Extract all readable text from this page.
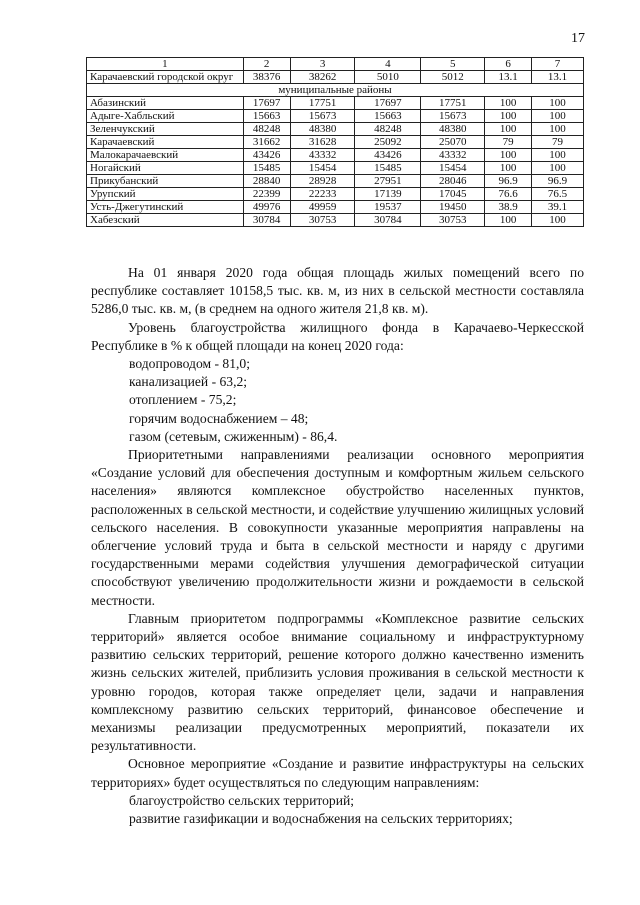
17
1	2	3	4	5	6	7
Карачаевский городской округ	38376	38262	5010	5012	13.1	13.1
муниципальные районы						
Абазинский	17697	17751	17697	17751	100	100
Адыге-Хабльский	15663	15673	15663	15673	100	100
Зеленчукский	48248	48380	48248	48380	100	100
Карачаевский	31662	31628	25092	25070	79	79
Малокарачаевский	43426	43332	43426	43332	100	100
Ногайский	15485	15454	15485	15454	100	100
Прикубанский	28840	28928	27951	28046	96.9	96.9
Урупский	22399	22233	17139	17045	76.6	76.5
Усть-Джегутинский	49976	49959	19537	19450	38.9	39.1
Хабезский	30784	30753	30784	30753	100	100

На 01 января 2020 года общая площадь жилых помещений всего по республике составляет 10158,5 тыс. кв. м, из них в сельской местности составляла 5286,0 тыс. кв. м, (в среднем на одного жителя 21,8 кв. м).

Уровень благоустройства жилищного фонда в Карачаево-Черкесской Республике в % к общей площади на конец 2020 года:

водопроводом - 81,0;

канализацией - 63,2;

отоплением - 75,2;

горячим водоснабжением – 48;

газом (сетевым, сжиженным) - 86,4.

Приоритетными направлениями реализации основного мероприятия «Создание условий для обеспечения доступным и комфортным жильем сельского населения» являются комплексное обустройство населенных пунктов, расположенных в сельской местности, и содействие улучшению жилищных условий сельского населения. В совокупности указанные мероприятия направлены на облегчение условий труда и быта в сельской местности и наряду с другими государственными мерами содействия улучшения демографической ситуации способствуют увеличению продолжительности жизни и рождаемости в сельской местности.

Главным приоритетом подпрограммы «Комплексное развитие сельских территорий» является особое внимание социальному и инфраструктурному развитию сельских территорий, решение которого должно качественно изменить жизнь сельских жителей, приблизить условия проживания в сельской местности к уровню городов, которая также определяет цели, задачи и направления комплексному развитию сельских территорий, финансовое обеспечение и механизмы реализации предусмотренных мероприятий, показатели их результативности.

Основное мероприятие «Создание и развитие инфраструктуры на сельских территориях» будет осуществляться по следующим направлениям:

благоустройство сельских территорий;

развитие газификации и водоснабжения на сельских территориях;
